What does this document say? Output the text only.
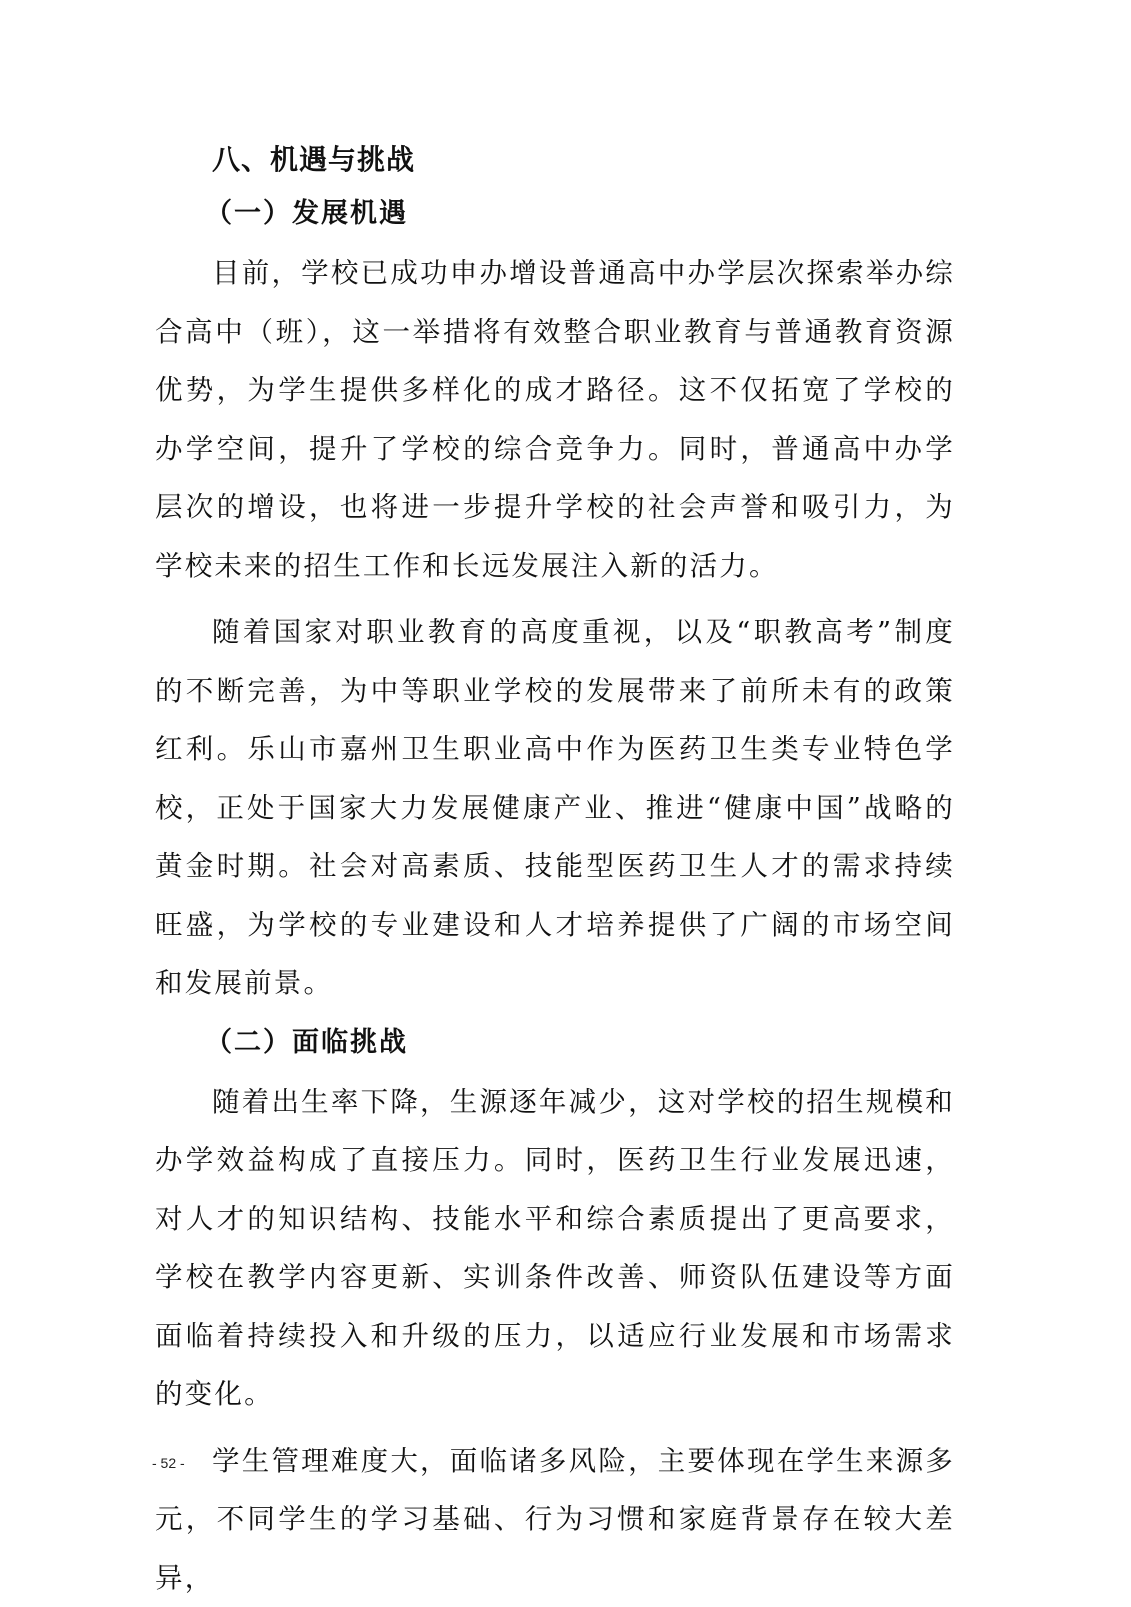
八、机遇与挑战
（一）发展机遇

目前，学校已成功申办增设普通高中办学层次探索举办综合高中（班），这一举措将有效整合职业教育与普通教育资源优势，为学生提供多样化的成才路径。这不仅拓宽了学校的办学空间，提升了学校的综合竞争力。同时，普通高中办学层次的增设，也将进一步提升学校的社会声誉和吸引力，为学校未来的招生工作和长远发展注入新的活力。

随着国家对职业教育的高度重视，以及“职教高考”制度的不断完善，为中等职业学校的发展带来了前所未有的政策红利。乐山市嘉州卫生职业高中作为医药卫生类专业特色学校，正处于国家大力发展健康产业、推进“健康中国”战略的黄金时期。社会对高素质、技能型医药卫生人才的需求持续旺盛，为学校的专业建设和人才培养提供了广阔的市场空间和发展前景。

（二）面临挑战

随着出生率下降，生源逐年减少，这对学校的招生规模和办学效益构成了直接压力。同时，医药卫生行业发展迅速，对人才的知识结构、技能水平和综合素质提出了更高要求，学校在教学内容更新、实训条件改善、师资队伍建设等方面面临着持续投入和升级的压力，以适应行业发展和市场需求的变化。

学生管理难度大，面临诸多风险，主要体现在学生来源多元，不同学生的学习基础、行为习惯和家庭背景存在较大差异，

- 52 -
